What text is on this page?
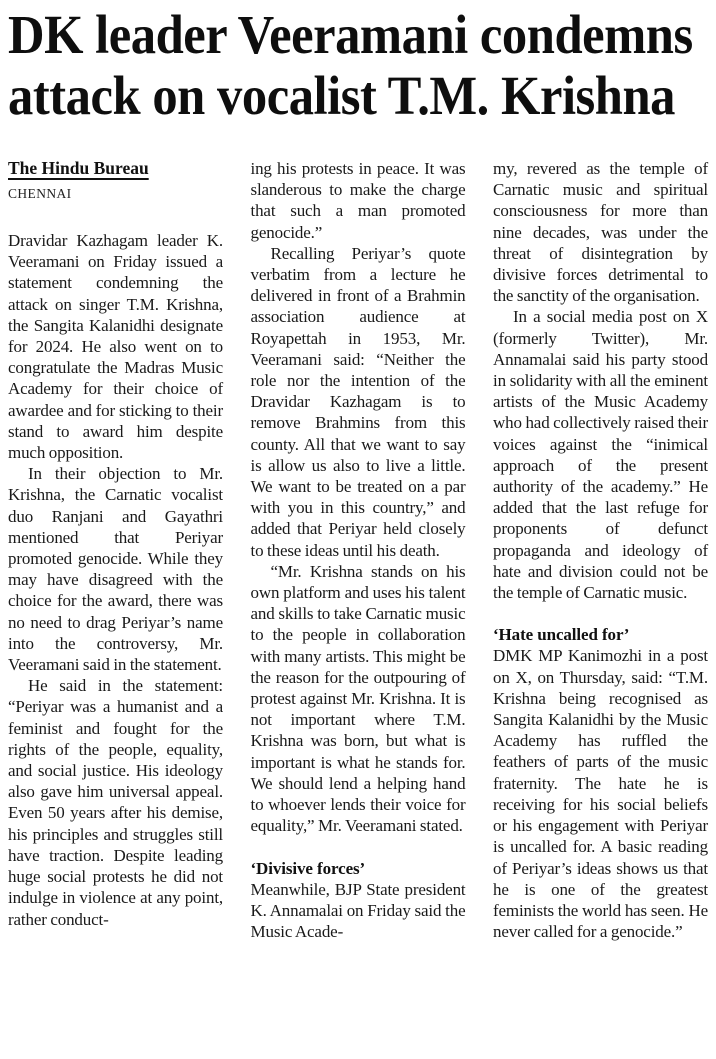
DK leader Veeramani condemns
attack on vocalist T.M. Krishna
The Hindu Bureau
CHENNAI

Dravidar Kazhagam leader K. Veeramani on Friday issued a statement condemning the attack on singer T.M. Krishna, the Sangita Kalanidhi designate for 2024. He also went on to congratulate the Madras Music Academy for their choice of awardee and for sticking to their stand to award him despite much opposition.

In their objection to Mr. Krishna, the Carnatic vocalist duo Ranjani and Gayathri mentioned that Periyar promoted genocide. While they may have disagreed with the choice for the award, there was no need to drag Periyar’s name into the controversy, Mr. Veeramani said in the statement.

He said in the statement: “Periyar was a humanist and a feminist and fought for the rights of the people, equality, and social justice. His ideology also gave him universal appeal. Even 50 years after his demise, his principles and struggles still have traction. Despite leading huge social protests he did not indulge in violence at any point, rather conduct-

ing his protests in peace. It was slanderous to make the charge that such a man promoted genocide.”

Recalling Periyar’s quote verbatim from a lecture he delivered in front of a Brahmin association audience at Royapettah in 1953, Mr. Veeramani said: “Neither the role nor the intention of the Dravidar Kazhagam is to remove Brahmins from this county. All that we want to say is allow us also to live a little. We want to be treated on a par with you in this country,” and added that Periyar held closely to these ideas until his death.

“Mr. Krishna stands on his own platform and uses his talent and skills to take Carnatic music to the people in collaboration with many artists. This might be the reason for the outpouring of protest against Mr. Krishna. It is not important where T.M. Krishna was born, but what is important is what he stands for. We should lend a helping hand to whoever lends their voice for equality,” Mr. Veeramani stated.

‘Divisive forces’

Meanwhile, BJP State president K. Annamalai on Friday said the Music Acade-

my, revered as the temple of Carnatic music and spiritual consciousness for more than nine decades, was under the threat of disintegration by divisive forces detrimental to the sanctity of the organisation.

In a social media post on X (formerly Twitter), Mr. Annamalai said his party stood in solidarity with all the eminent artists of the Music Academy who had collectively raised their voices against the “inimical approach of the present authority of the academy.” He added that the last refuge for proponents of defunct propaganda and ideology of hate and division could not be the temple of Carnatic music.

‘Hate uncalled for’

DMK MP Kanimozhi in a post on X, on Thursday, said: “T.M. Krishna being recognised as Sangita Kalanidhi by the Music Academy has ruffled the feathers of parts of the music fraternity. The hate he is receiving for his social beliefs or his engagement with Periyar is uncalled for. A basic reading of Periyar’s ideas shows us that he is one of the greatest feminists the world has seen. He never called for a genocide.”
